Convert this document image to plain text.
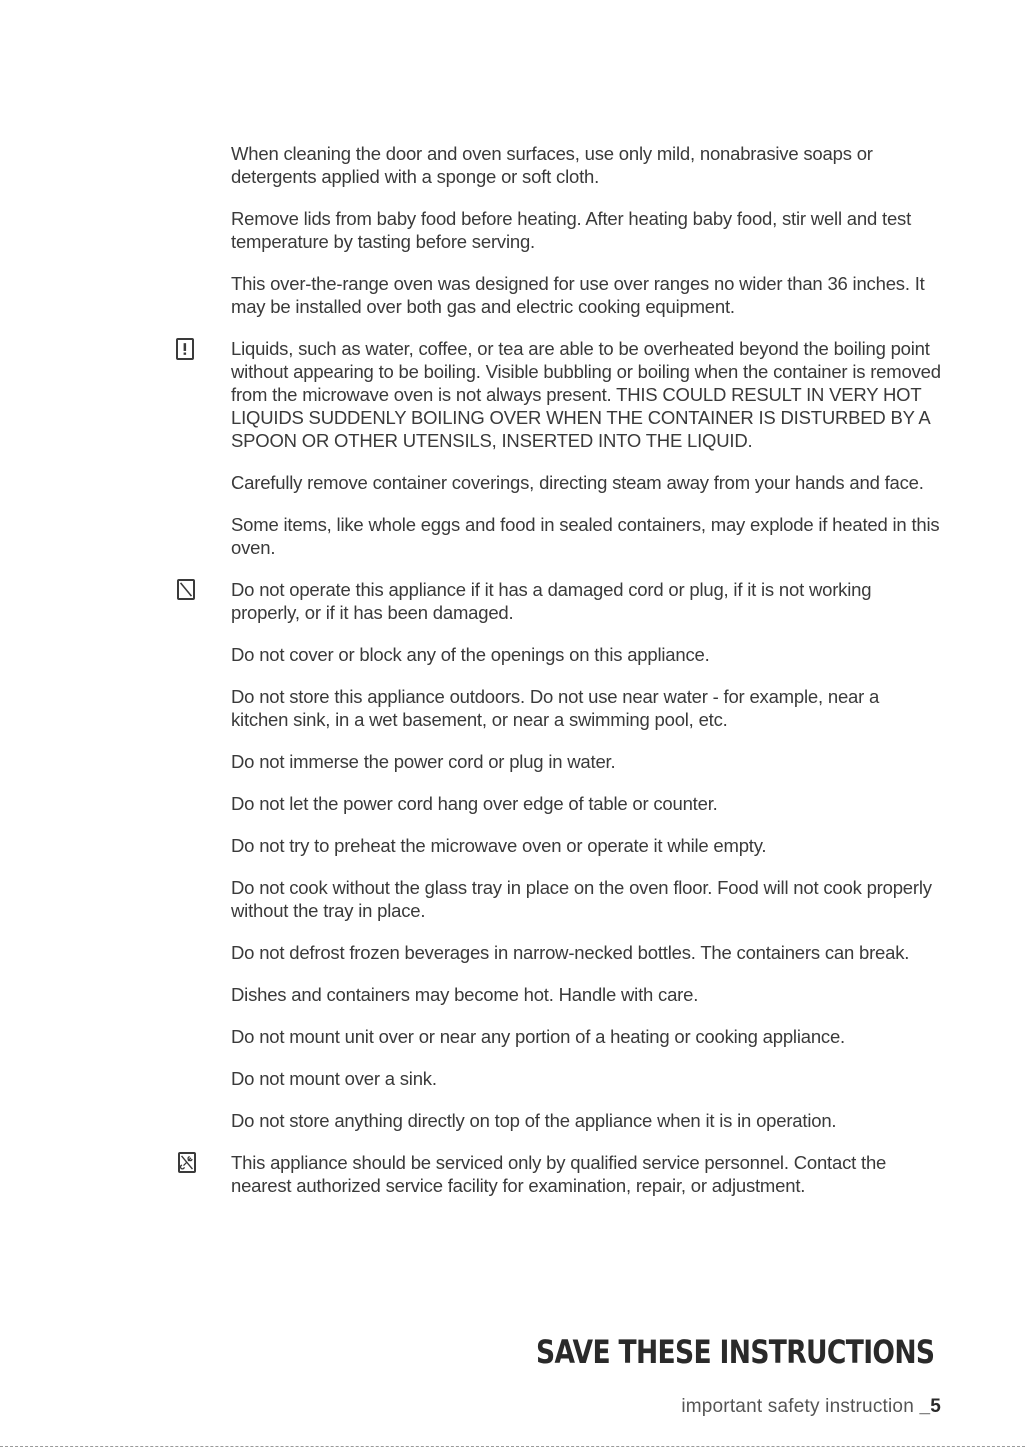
When cleaning the door and oven surfaces, use only mild, nonabrasive soaps or detergents applied with a sponge or soft cloth.

Remove lids from baby food before heating. After heating baby food, stir well and test temperature by tasting before serving.

This over-the-range oven was designed for use over ranges no wider than 36 inches. It may be installed over both gas and electric cooking equipment.

Liquids, such as water, coffee, or tea are able to be overheated beyond the boiling point without appearing to be boiling. Visible bubbling or boiling when the container is removed from the microwave oven is not always present. THIS COULD RESULT IN VERY HOT LIQUIDS SUDDENLY BOILING OVER WHEN THE CONTAINER IS DISTURBED BY A SPOON OR OTHER UTENSILS, INSERTED INTO THE LIQUID.

Carefully remove container coverings, directing steam away from your hands and face.

Some items, like whole eggs and food in sealed containers, may explode if heated in this oven.

Do not operate this appliance if it has a damaged cord or plug, if it is not working properly, or if it has been damaged.

Do not cover or block any of the openings on this appliance.

Do not store this appliance outdoors. Do not use near water - for example, near a kitchen sink, in a wet basement, or near a swimming pool, etc.

Do not immerse the power cord or plug in water.

Do not let the power cord hang over edge of table or counter.

Do not try to preheat the microwave oven or operate it while empty.

Do not cook without the glass tray in place on the oven floor. Food will not cook properly without the tray in place.

Do not defrost frozen beverages in narrow-necked bottles. The containers can break.

Dishes and containers may become hot. Handle with care.

Do not mount unit over or near any portion of a heating or cooking appliance.

Do not mount over a sink.

Do not store anything directly on top of the appliance when it is in operation.

This appliance should be serviced only by qualified service personnel. Contact the nearest authorized service facility for examination, repair, or adjustment.

SAVE THESE INSTRUCTIONS
important safety instruction _5
